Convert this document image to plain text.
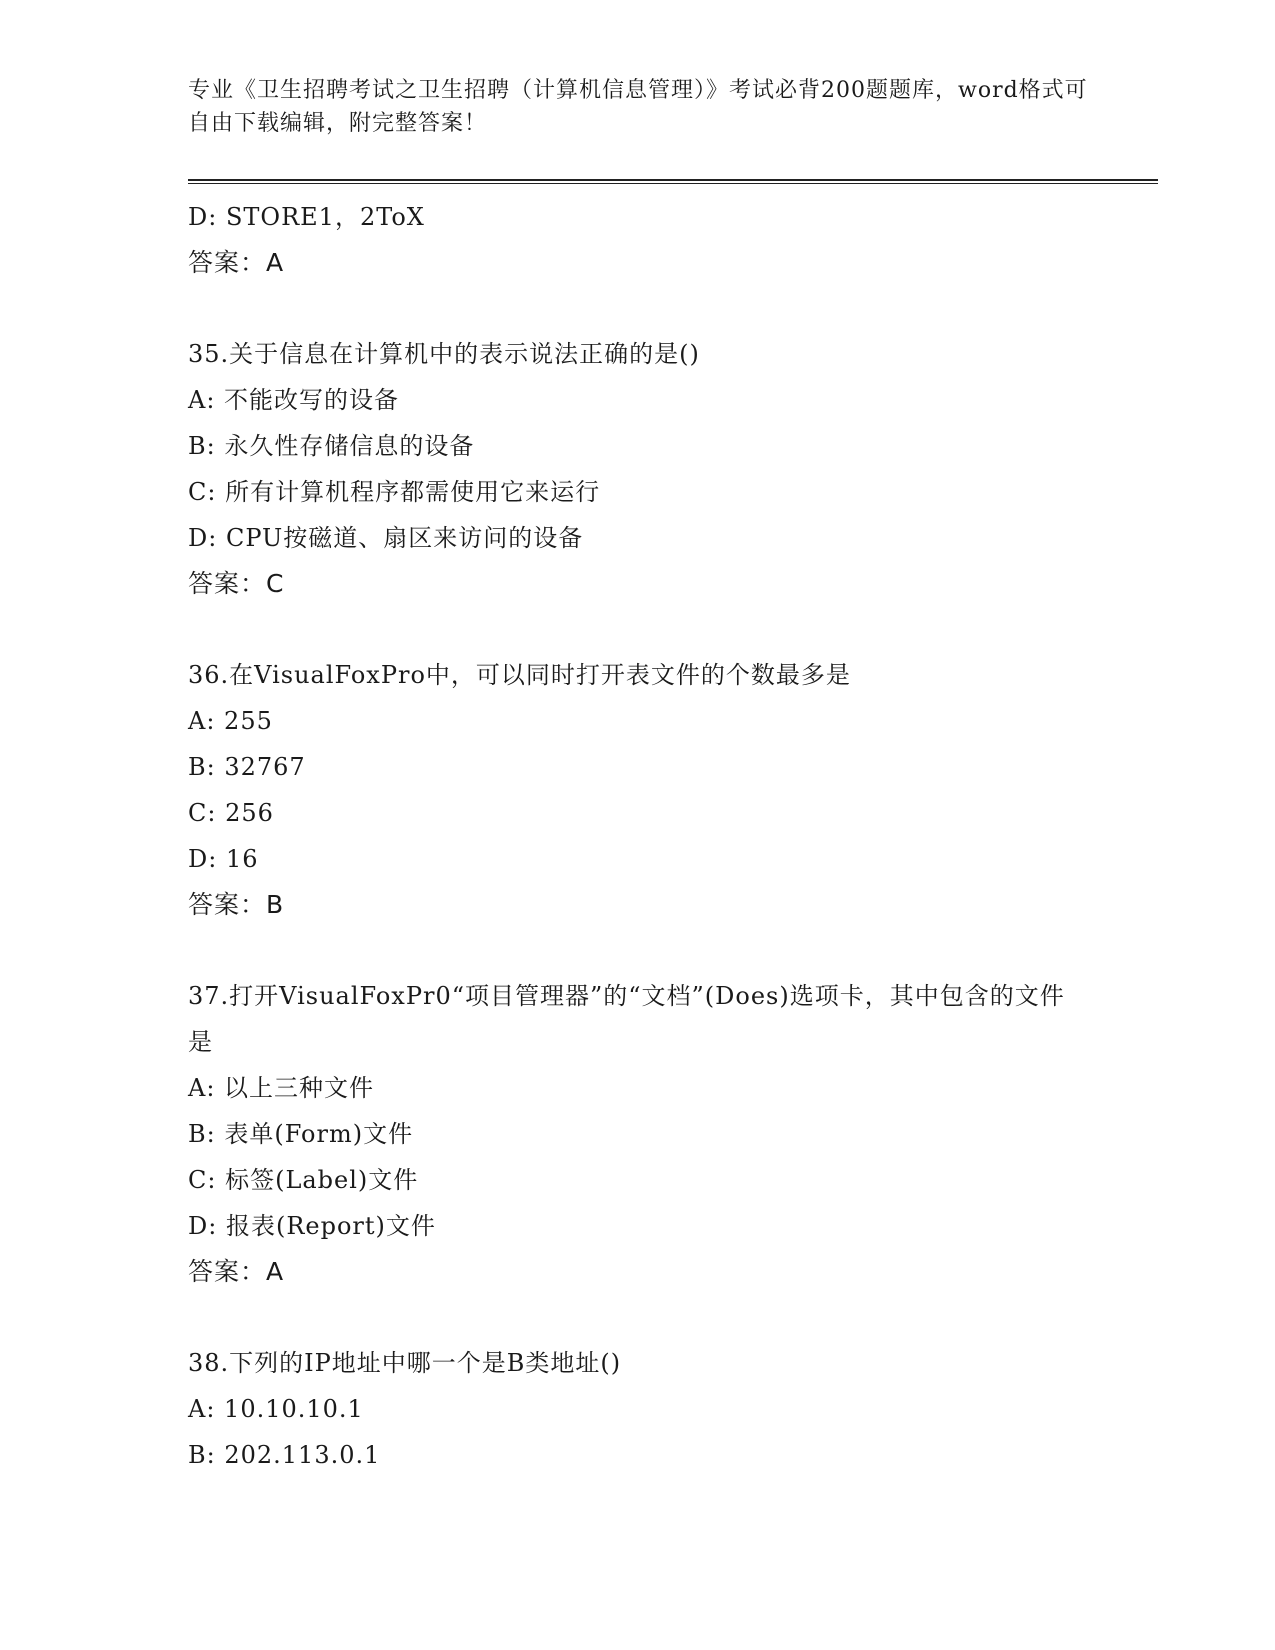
专业《卫生招聘考试之卫生招聘（计算机信息管理）》考试必背200题题库，word格式可自由下载编辑，附完整答案！
D: STORE1，2ToX
答案：A
35.关于信息在计算机中的表示说法正确的是()
A: 不能改写的设备
B: 永久性存储信息的设备
C: 所有计算机程序都需使用它来运行
D: CPU按磁道、扇区来访问的设备
答案：C
36.在VisualFoxPro中，可以同时打开表文件的个数最多是
A: 255
B: 32767
C: 256
D: 16
答案：B
37.打开VisualFoxPr0“项目管理器”的“文档”(Does)选项卡，其中包含的文件是
A: 以上三种文件
B: 表单(Form)文件
C: 标签(Label)文件
D: 报表(Report)文件
答案：A
38.下列的IP地址中哪一个是B类地址()
A: 10.10.10.1
B: 202.113.0.1
